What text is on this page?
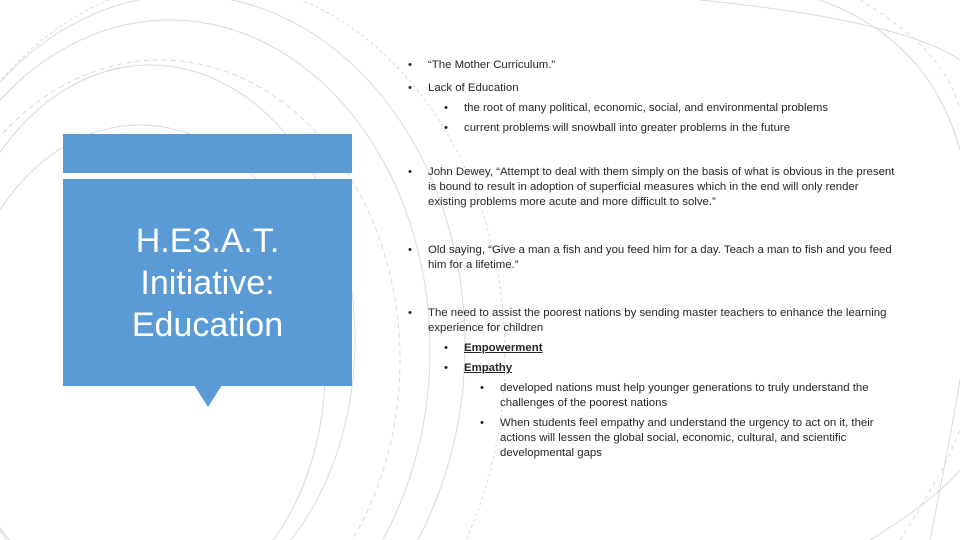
H.E3.A.T.
Initiative:
Education

• “The Mother Curriculum.”

• Lack of Education

• the root of many political, economic, social, and environmental problems

• current problems will snowball into greater problems in the future

• John Dewey, “Attempt to deal with them simply on the basis of what is obvious in the present is bound to result in adoption of superficial measures which in the end will only render existing problems more acute and more difficult to solve.”

• Old saying, “Give a man a fish and you feed him for a day. Teach a man to fish and you feed him for a lifetime.”

• The need to assist the poorest nations by sending master teachers to enhance the learning experience for children

• Empowerment

• Empathy

• developed nations must help younger generations to truly understand the challenges of the poorest nations

• When students feel empathy and understand the urgency to act on it, their actions will lessen the global social, economic, cultural, and scientific developmental gaps
